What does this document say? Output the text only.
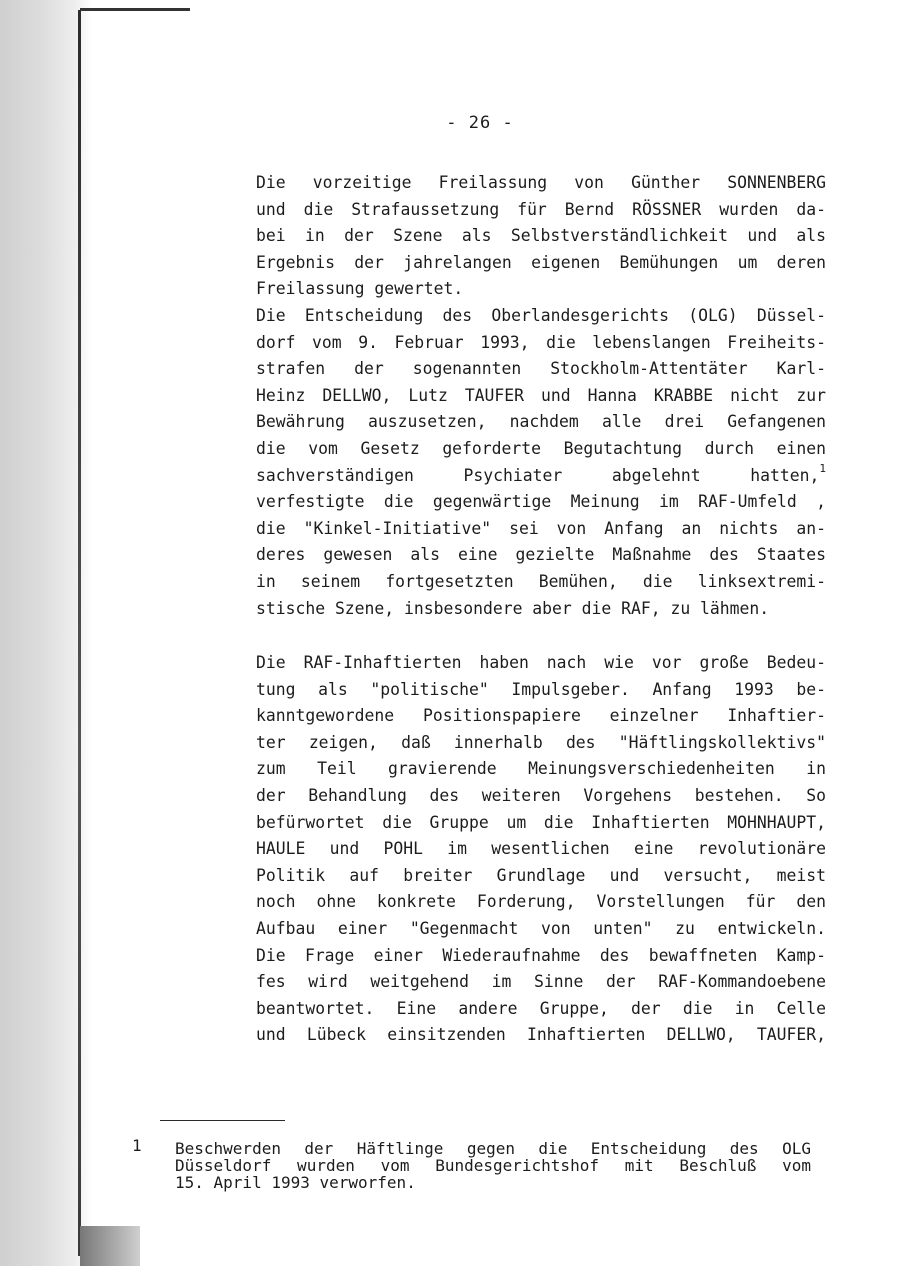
- 26 -
Die vorzeitige Freilassung von Günther SONNENBERG
und die Strafaussetzung für Bernd RÖSSNER wurden da-
bei in der Szene als Selbstverständlichkeit und als
Ergebnis der jahrelangen eigenen Bemühungen um deren
Freilassung gewertet.
Die Entscheidung des Oberlandesgerichts (OLG) Düssel-
dorf vom 9. Februar 1993, die lebenslangen Freiheits-
strafen der sogenannten Stockholm-Attentäter Karl-
Heinz DELLWO, Lutz TAUFER und Hanna KRABBE nicht zur
Bewährung auszusetzen, nachdem alle drei Gefangenen
die vom Gesetz geforderte Begutachtung durch einen
sachverständigen Psychiater abgelehnt hatten,$^1$
verfestigte die gegenwärtige Meinung im RAF-Umfeld ,
die "Kinkel-Initiative" sei von Anfang an nichts an-
deres gewesen als eine gezielte Maßnahme des Staates
in seinem fortgesetzten Bemühen, die linksextremi-
stische Szene, insbesondere aber die RAF, zu lähmen.
Die RAF-Inhaftierten haben nach wie vor große Bedeu-
tung als "politische" Impulsgeber. Anfang 1993 be-
kanntgewordene Positionspapiere einzelner Inhaftier-
ter zeigen, daß innerhalb des "Häftlingskollektivs"
zum Teil gravierende Meinungsverschiedenheiten in
der Behandlung des weiteren Vorgehens bestehen. So
befürwortet die Gruppe um die Inhaftierten MOHNHAUPT,
HAULE und POHL im wesentlichen eine revolutionäre
Politik auf breiter Grundlage und versucht, meist
noch ohne konkrete Forderung, Vorstellungen für den
Aufbau einer "Gegenmacht von unten" zu entwickeln.
Die Frage einer Wiederaufnahme des bewaffneten Kamp-
fes wird weitgehend im Sinne der RAF-Kommandoebene
beantwortet. Eine andere Gruppe, der die in Celle
und Lübeck einsitzenden Inhaftierten DELLWO, TAUFER,
1 Beschwerden der Häftlinge gegen die Entscheidung des OLG
Düsseldorf wurden vom Bundesgerichtshof mit Beschluß vom
15. April 1993 verworfen.
